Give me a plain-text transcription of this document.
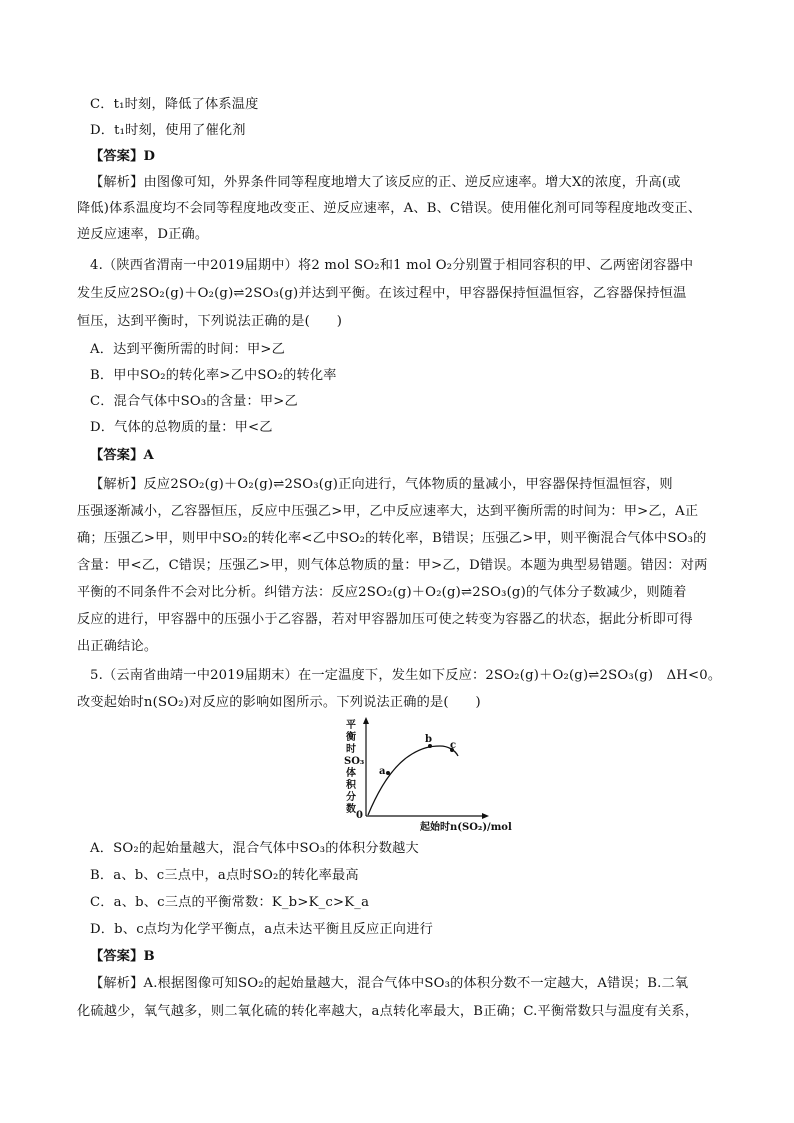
C．t₁时刻，降低了体系温度
D．t₁时刻，使用了催化剂
【答案】D
【解析】由图像可知，外界条件同等程度地增大了该反应的正、逆反应速率。增大X的浓度，升高(或
降低)体系温度均不会同等程度地改变正、逆反应速率，A、B、C错误。使用催化剂可同等程度地改变正、
逆反应速率，D正确。
4.（陕西省渭南一中2019届期中）将2 mol SO₂和1 mol O₂分别置于相同容积的甲、乙两密闭容器中
发生反应2SO₂(g)＋O₂(g)⇌2SO₃(g)并达到平衡。在该过程中，甲容器保持恒温恒容，乙容器保持恒温
恒压，达到平衡时，下列说法正确的是(　　)
A．达到平衡所需的时间：甲>乙
B．甲中SO₂的转化率>乙中SO₂的转化率
C．混合气体中SO₃的含量：甲>乙
D．气体的总物质的量：甲<乙
【答案】A
【解析】反应2SO₂(g)＋O₂(g)⇌2SO₃(g)正向进行，气体物质的量减小，甲容器保持恒温恒容，则
压强逐渐减小，乙容器恒压，反应中压强乙>甲，乙中反应速率大，达到平衡所需的时间为：甲>乙，A正
确；压强乙>甲，则甲中SO₂的转化率<乙中SO₂的转化率，B错误；压强乙>甲，则平衡混合气体中SO₃的
含量：甲<乙，C错误；压强乙>甲，则气体总物质的量：甲>乙，D错误。本题为典型易错题。错因：对两
平衡的不同条件不会对比分析。纠错方法：反应2SO₂(g)＋O₂(g)⇌2SO₃(g)的气体分子数减少，则随着
反应的进行，甲容器中的压强小于乙容器，若对甲容器加压可使之转变为容器乙的状态，据此分析即可得
出正确结论。
5.（云南省曲靖一中2019届期末）在一定温度下，发生如下反应：2SO₂(g)＋O₂(g)⇌2SO₃(g)　ΔH<0。
改变起始时n(SO₂)对反应的影响如图所示。下列说法正确的是(　　)
平衡时SO₃体积分数
起始时n(SO₂)/mol
0
a
b
c
A．SO₂的起始量越大，混合气体中SO₃的体积分数越大
B．a、b、c三点中，a点时SO₂的转化率最高
C．a、b、c三点的平衡常数：K_b>K_c>K_a
D．b、c点均为化学平衡点，a点未达平衡且反应正向进行
【答案】B
【解析】A.根据图像可知SO₂的起始量越大，混合气体中SO₃的体积分数不一定越大，A错误；B.二氧
化硫越少，氧气越多，则二氧化硫的转化率越大，a点转化率最大，B正确；C.平衡常数只与温度有关系，
